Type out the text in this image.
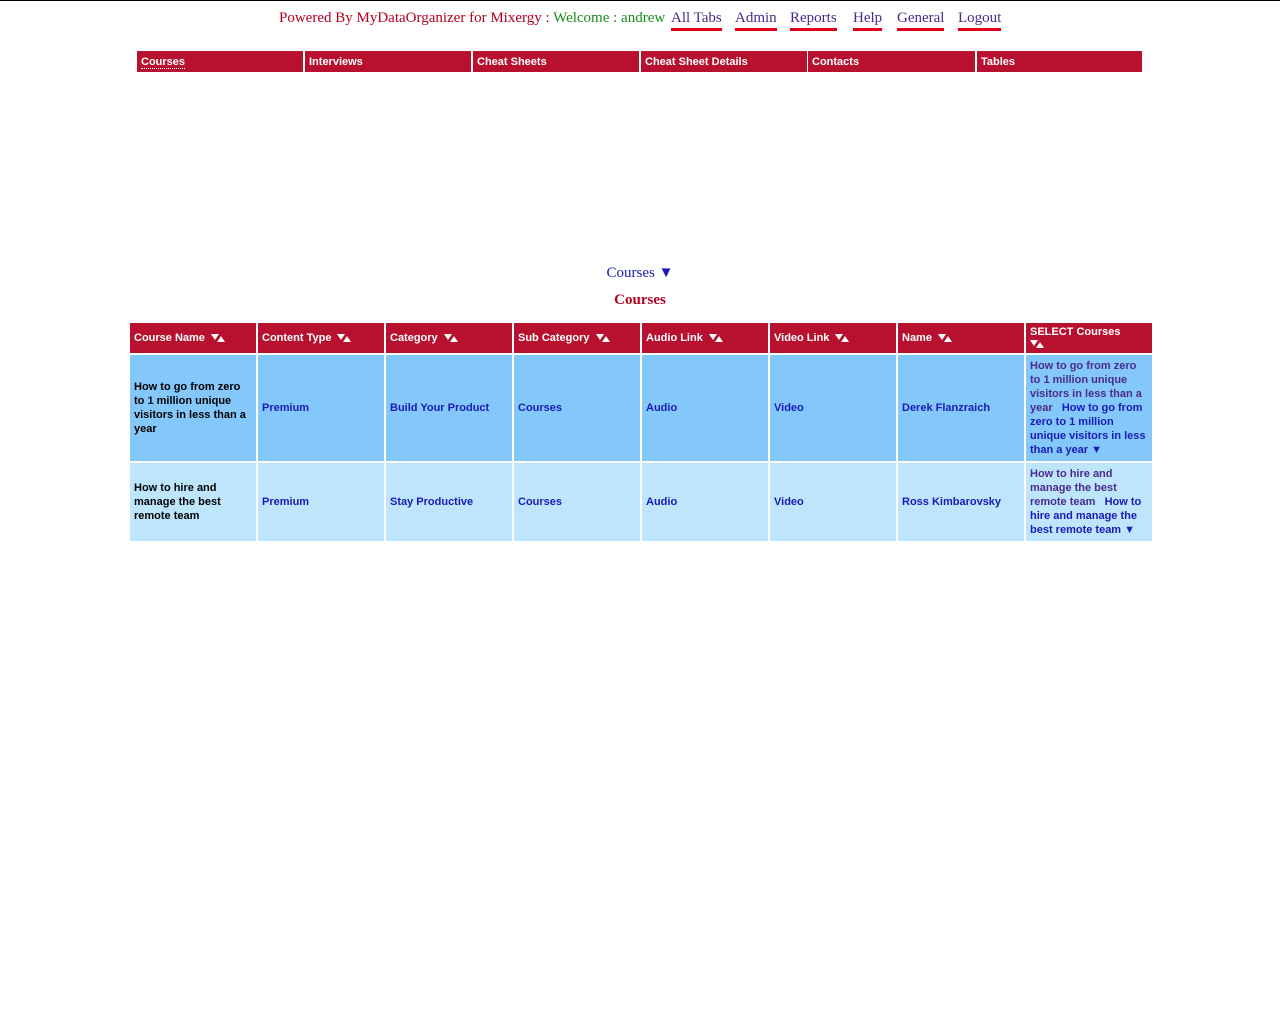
Powered By MyDataOrganizer for Mixergy : Welcome : andrew All Tabs Admin Reports Help General Logout
Courses	Interviews	Cheat Sheets	Cheat Sheet Details	Contacts	Tables
Courses ▼
Courses
Course Name	Content Type	Category	Sub Category	Audio Link	Video Link	Name	SELECT Courses

How to go from zero to 1 million unique visitors in less than a year	Premium	Build Your Product	Courses	Audio	Video	Derek Flanzraich	How to go from zero to 1 million unique visitors in less than a year How to go from zero to 1 million unique visitors in less than a year ▼
How to hire and manage the best remote team	Premium	Stay Productive	Courses	Audio	Video	Ross Kimbarovsky	How to hire and manage the best remote team How to hire and manage the best remote team ▼
